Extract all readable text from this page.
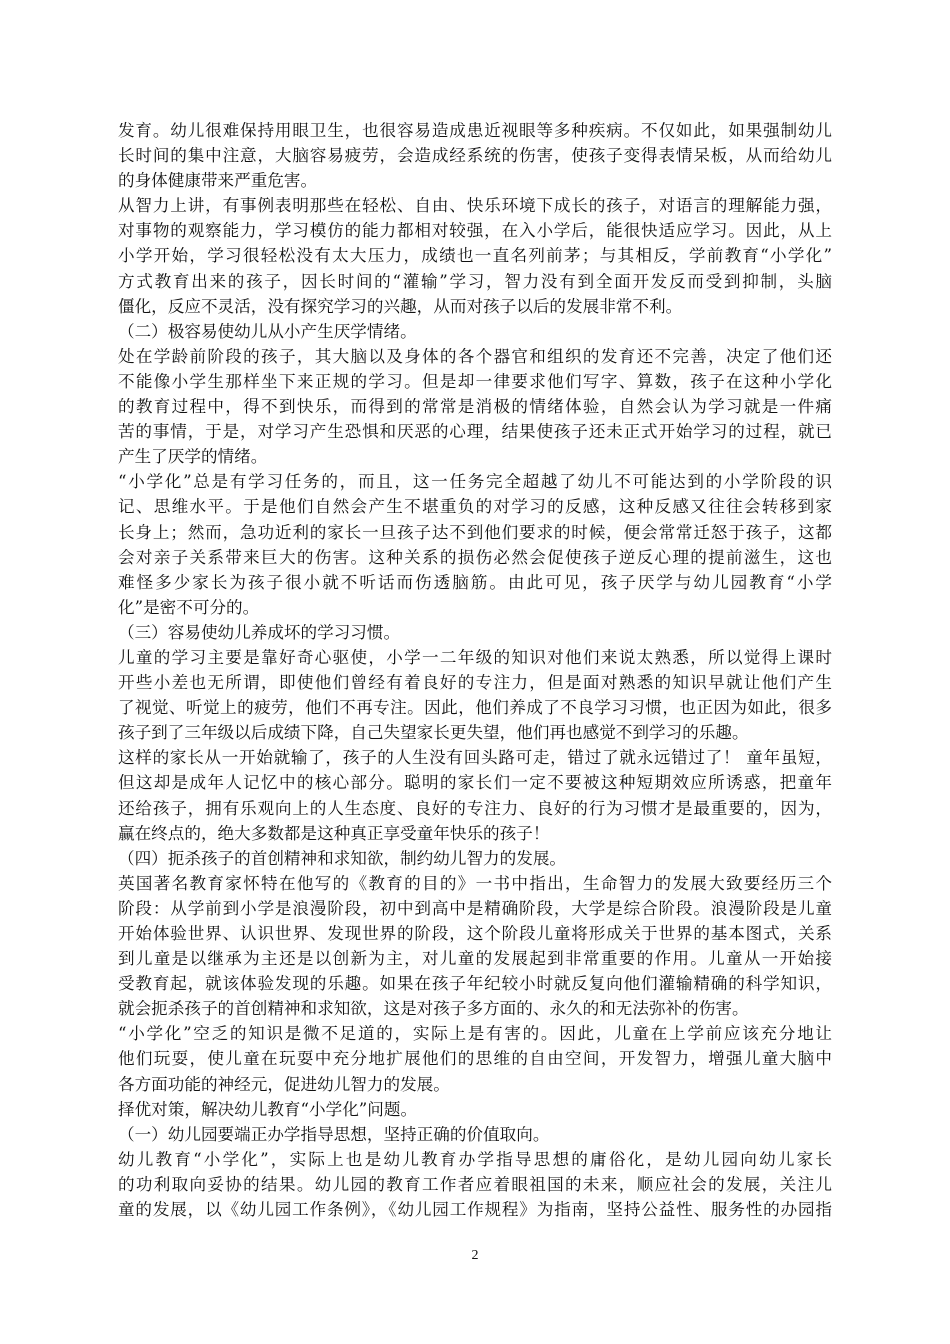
发育。幼儿很难保持用眼卫生，也很容易造成患近视眼等多种疾病。不仅如此，如果强制幼儿
长时间的集中注意，大脑容易疲劳，会造成经系统的伤害，使孩子变得表情呆板，从而给幼儿
的身体健康带来严重危害。
从智力上讲，有事例表明那些在轻松、自由、快乐环境下成长的孩子，对语言的理解能力强，
对事物的观察能力，学习模仿的能力都相对较强，在入小学后，能很快适应学习。因此，从上
小学开始，学习很轻松没有太大压力，成绩也一直名列前茅；与其相反，学前教育“小学化”
方式教育出来的孩子，因长时间的“灌输”学习，智力没有到全面开发反而受到抑制，头脑
僵化，反应不灵活，没有探究学习的兴趣，从而对孩子以后的发展非常不利。
（二）极容易使幼儿从小产生厌学情绪。
处在学龄前阶段的孩子，其大脑以及身体的各个器官和组织的发育还不完善，决定了他们还
不能像小学生那样坐下来正规的学习。但是却一律要求他们写字、算数，孩子在这种小学化
的教育过程中，得不到快乐，而得到的常常是消极的情绪体验，自然会认为学习就是一件痛
苦的事情，于是，对学习产生恐惧和厌恶的心理，结果使孩子还未正式开始学习的过程，就已
产生了厌学的情绪。
“小学化”总是有学习任务的，而且，这一任务完全超越了幼儿不可能达到的小学阶段的识
记、思维水平。于是他们自然会产生不堪重负的对学习的反感，这种反感又往往会转移到家
长身上；然而，急功近利的家长一旦孩子达不到他们要求的时候，便会常常迁怒于孩子，这都
会对亲子关系带来巨大的伤害。这种关系的损伤必然会促使孩子逆反心理的提前滋生，这也
难怪多少家长为孩子很小就不听话而伤透脑筋。由此可见，孩子厌学与幼儿园教育“小学
化”是密不可分的。
（三）容易使幼儿养成坏的学习习惯。
儿童的学习主要是靠好奇心驱使，小学一二年级的知识对他们来说太熟悉，所以觉得上课时
开些小差也无所谓，即使他们曾经有着良好的专注力，但是面对熟悉的知识早就让他们产生
了视觉、听觉上的疲劳，他们不再专注。因此，他们养成了不良学习习惯，也正因为如此，很多
孩子到了三年级以后成绩下降，自己失望家长更失望，他们再也感觉不到学习的乐趣。
这样的家长从一开始就输了，孩子的人生没有回头路可走，错过了就永远错过了！ 童年虽短，
但这却是成年人记忆中的核心部分。聪明的家长们一定不要被这种短期效应所诱惑，把童年
还给孩子，拥有乐观向上的人生态度、良好的专注力、良好的行为习惯才是最重要的，因为，
赢在终点的，绝大多数都是这种真正享受童年快乐的孩子！
（四）扼杀孩子的首创精神和求知欲，制约幼儿智力的发展。
英国著名教育家怀特在他写的《教育的目的》一书中指出，生命智力的发展大致要经历三个
阶段：从学前到小学是浪漫阶段，初中到高中是精确阶段，大学是综合阶段。浪漫阶段是儿童
开始体验世界、认识世界、发现世界的阶段，这个阶段儿童将形成关于世界的基本图式，关系
到儿童是以继承为主还是以创新为主，对儿童的发展起到非常重要的作用。儿童从一开始接
受教育起，就该体验发现的乐趣。如果在孩子年纪较小时就反复向他们灌输精确的科学知识，
就会扼杀孩子的首创精神和求知欲，这是对孩子多方面的、永久的和无法弥补的伤害。
“小学化”空乏的知识是微不足道的，实际上是有害的。因此，儿童在上学前应该充分地让
他们玩耍，使儿童在玩耍中充分地扩展他们的思维的自由空间，开发智力，增强儿童大脑中
各方面功能的神经元，促进幼儿智力的发展。
择优对策，解决幼儿教育“小学化”问题。
（一）幼儿园要端正办学指导思想，坚持正确的价值取向。
幼儿教育“小学化”，实际上也是幼儿教育办学指导思想的庸俗化，是幼儿园向幼儿家长
的功利取向妥协的结果。幼儿园的教育工作者应着眼祖国的未来，顺应社会的发展，关注儿
童的发展，以《幼儿园工作条例》，《幼儿园工作规程》为指南，坚持公益性、服务性的办园指
2
